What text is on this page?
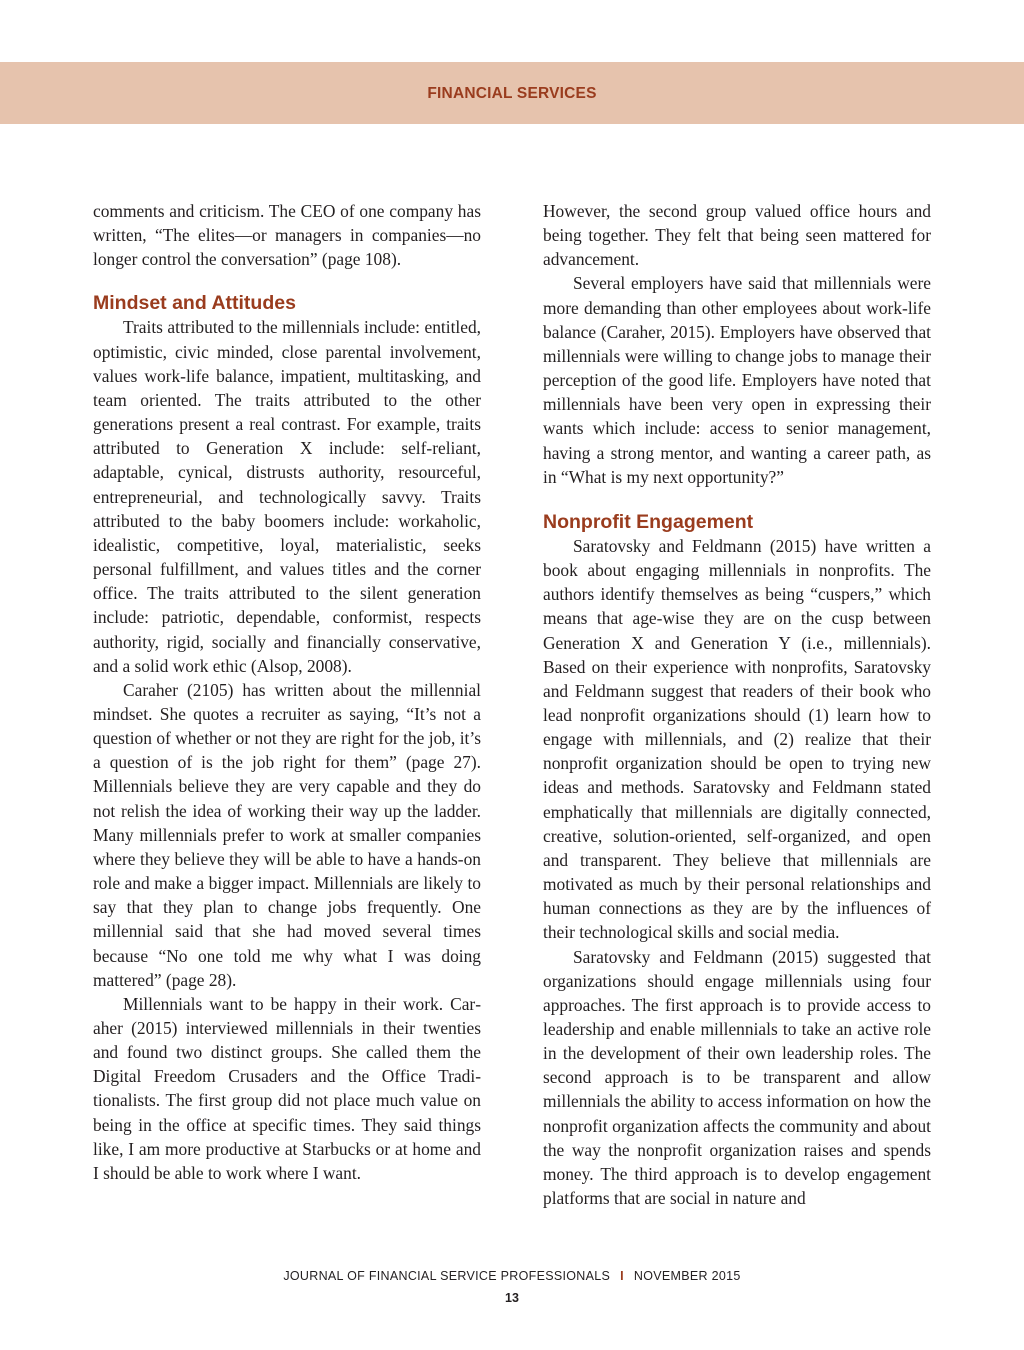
FINANCIAL SERVICES

comments and criticism. The CEO of one company has written, “The elites—or managers in companies—no longer control the conversation” (page 108).

Mindset and Attitudes

Traits attributed to the millennials include: entitled, optimistic, civic minded, close parental involvement, values work-life balance, impatient, multitasking, and team oriented. The traits attributed to the other generations present a real contrast. For example, traits attributed to Generation X include: self-reliant, adaptable, cynical, distrusts authority, resourceful, entrepreneurial, and technologically savvy. Traits attributed to the baby boomers include: workaholic, idealistic, competitive, loyal, materialistic, seeks personal fulfillment, and values titles and the corner office. The traits attributed to the silent generation include: patriotic, dependable, conformist, respects authority, rigid, socially and financially conservative, and a solid work ethic (Alsop, 2008).

Caraher (2105) has written about the millennial mindset. She quotes a recruiter as saying, “It’s not a question of whether or not they are right for the job, it’s a question of is the job right for them” (page 27). Millennials believe they are very capable and they do not relish the idea of working their way up the ladder. Many millennials prefer to work at smaller companies where they believe they will be able to have a hands-on role and make a bigger impact. Millennials are likely to say that they plan to change jobs frequently. One millennial said that she had moved several times because “No one told me why what I was doing mattered” (page 28).

Millennials want to be happy in their work. Caraher (2015) interviewed millennials in their twenties and found two distinct groups. She called them the Digital Freedom Crusaders and the Office Traditionalists. The first group did not place much value on being in the office at specific times. They said things like, I am more productive at Starbucks or at home and I should be able to work where I want.

However, the second group valued office hours and being together. They felt that being seen mattered for advancement.

Several employers have said that millennials were more demanding than other employees about work-life balance (Caraher, 2015). Employers have observed that millennials were willing to change jobs to manage their perception of the good life. Employers have noted that millennials have been very open in expressing their wants which include: access to senior management, having a strong mentor, and wanting a career path, as in “What is my next opportunity?”

Nonprofit Engagement

Saratovsky and Feldmann (2015) have written a book about engaging millennials in nonprofits. The authors identify themselves as being “cuspers,” which means that age-wise they are on the cusp between Generation X and Generation Y (i.e., millennials). Based on their experience with nonprofits, Saratovsky and Feldmann suggest that readers of their book who lead nonprofit organizations should (1) learn how to engage with millennials, and (2) realize that their nonprofit organization should be open to trying new ideas and methods. Saratovsky and Feldmann stated emphatically that millennials are digitally connected, creative, solution-oriented, self-organized, and open and transparent. They believe that millennials are motivated as much by their personal relationships and human connections as they are by the influences of their technological skills and social media.

Saratovsky and Feldmann (2015) suggested that organizations should engage millennials using four approaches. The first approach is to provide access to leadership and enable millennials to take an active role in the development of their own leadership roles. The second approach is to be transparent and allow millennials the ability to access information on how the nonprofit organization affects the community and about the way the nonprofit organization raises and spends money. The third approach is to develop engagement platforms that are social in nature and

JOURNAL OF FINANCIAL SERVICE PROFESSIONALS I NOVEMBER 2015
13
